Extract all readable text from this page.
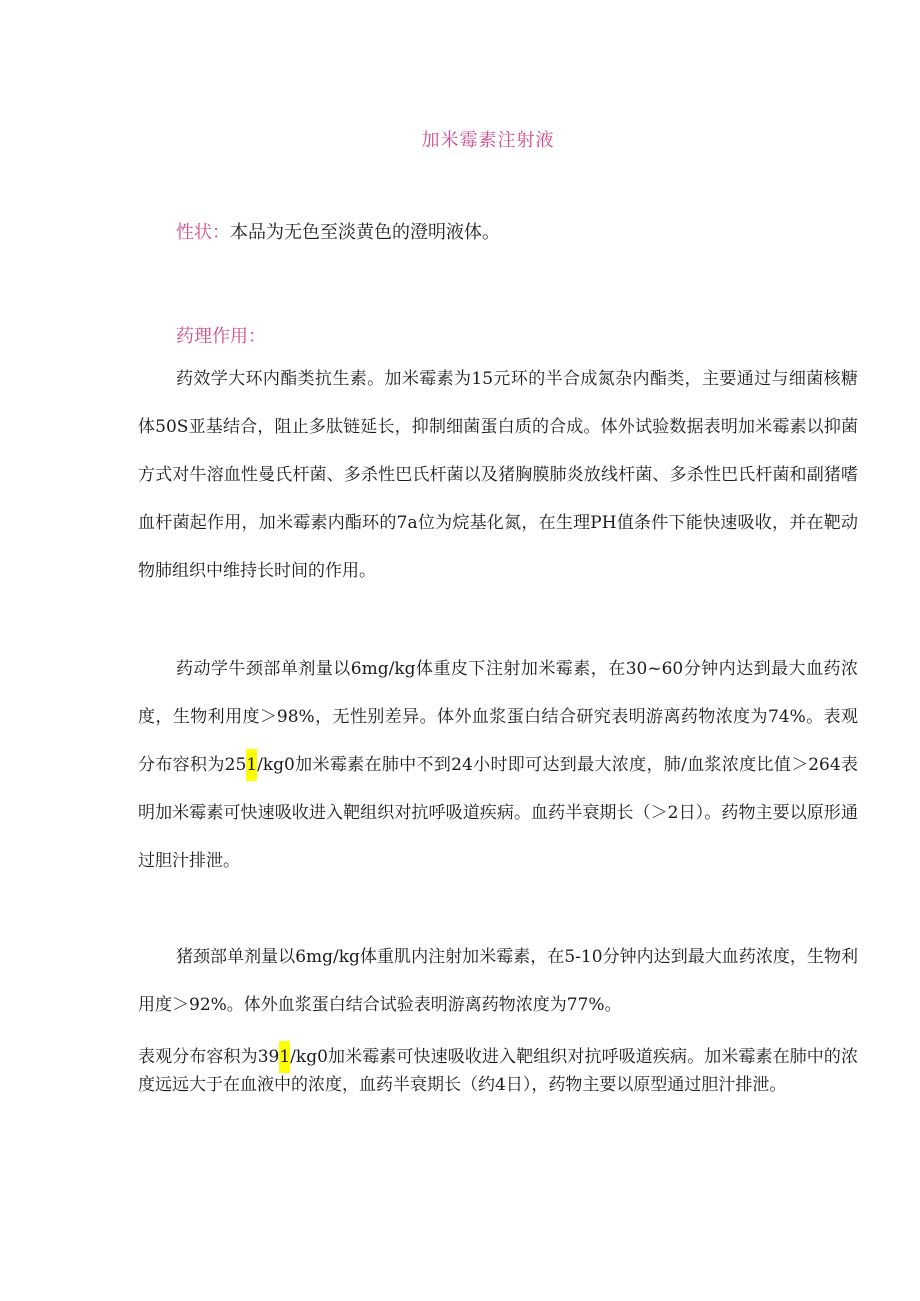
加米霉素注射液
性状：本品为无色至淡黄色的澄明液体。
药理作用：
药效学大环内酯类抗生素。加米霉素为15元环的半合成氮杂内酯类，主要通过与细菌核糖体50S亚基结合，阻止多肽链延长，抑制细菌蛋白质的合成。体外试验数据表明加米霉素以抑菌方式对牛溶血性曼氏杆菌、多杀性巴氏杆菌以及猪胸膜肺炎放线杆菌、多杀性巴氏杆菌和副猪嗜血杆菌起作用，加米霉素内酯环的7a位为烷基化氮，在生理PH值条件下能快速吸收，并在靶动物肺组织中维持长时间的作用。
药动学牛颈部单剂量以6mg/kg体重皮下注射加米霉素，在30~60分钟内达到最大血药浓度，生物利用度＞98%，无性别差异。体外血浆蛋白结合研究表明游离药物浓度为74%。表观分布容积为251/kg0加米霉素在肺中不到24小时即可达到最大浓度，肺/血浆浓度比值＞264表明加米霉素可快速吸收进入靶组织对抗呼吸道疾病。血药半衰期长（＞2日）。药物主要以原形通过胆汁排泄。
猪颈部单剂量以6mg/kg体重肌内注射加米霉素，在5-10分钟内达到最大血药浓度，生物利用度＞92%。体外血浆蛋白结合试验表明游离药物浓度为77%。
表观分布容积为391/kg0加米霉素可快速吸收进入靶组织对抗呼吸道疾病。加米霉素在肺中的浓度远远大于在血液中的浓度，血药半衰期长（约4日），药物主要以原型通过胆汁排泄。
